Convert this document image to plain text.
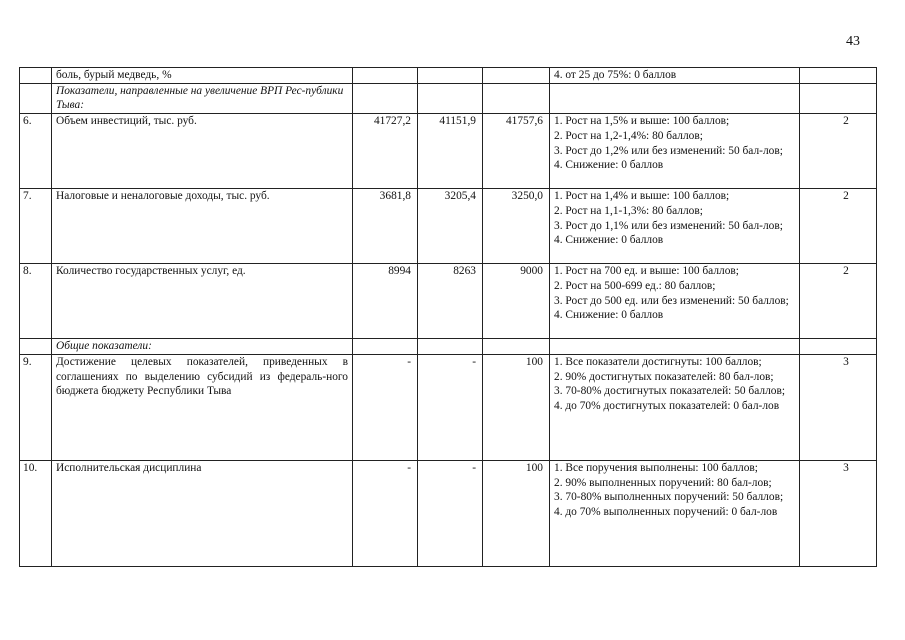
43
	боль, бурый медведь, %				4. от 25 до 75%: 0 баллов	

	Показатели, направленные на увеличение ВРП Рес-публики Тыва:					
6.	Объем инвестиций, тыс. руб.	41727,2	41151,9	41757,6	1. Рост на 1,5% и выше: 100 баллов;
2. Рост на 1,2-1,4%: 80 баллов;
3. Рост до 1,2% или без изменений: 50 бал-лов;
4. Снижение: 0 баллов	2
7.	Налоговые и неналоговые доходы, тыс. руб.	3681,8	3205,4	3250,0	1. Рост на 1,4% и выше: 100 баллов;
2. Рост на 1,1-1,3%: 80 баллов;
3. Рост до 1,1% или без изменений: 50 бал-лов;
4. Снижение: 0 баллов	2
8.	Количество государственных услуг, ед.	8994	8263	9000	1. Рост на 700 ед. и выше: 100 баллов;
2. Рост на 500-699 ед.: 80 баллов;
3. Рост до 500 ед. или без изменений: 50 баллов;
4. Снижение: 0 баллов	2
	Общие показатели:					
9.	Достижение целевых показателей, приведенных в соглашениях по выделению субсидий из федераль-ного бюджета бюджету Республики Тыва	-	-	100	1. Все показатели достигнуты: 100 баллов;
2. 90% достигнутых показателей: 80 бал-лов;
3. 70-80% достигнутых показателей: 50 баллов;
4. до 70% достигнутых показателей: 0 бал-лов	3
10.	Исполнительская дисциплина	-	-	100	1. Все поручения выполнены: 100 баллов;
2. 90% выполненных поручений: 80 бал-лов;
3. 70-80% выполненных поручений: 50 баллов;
4. до 70% выполненных поручений: 0 бал-лов	3
